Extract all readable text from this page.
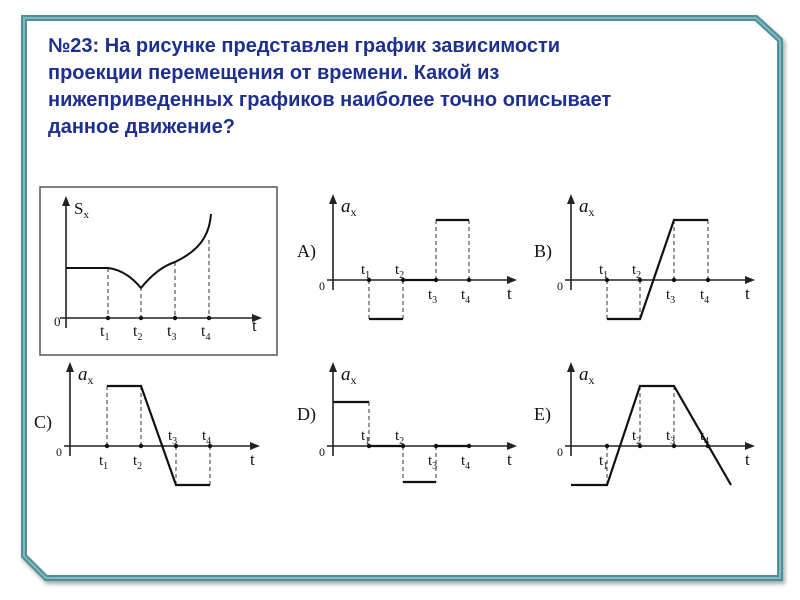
№23: На рисунке представлен график зависимости
проекции перемещения от времени. Какой из
нижеприведенных графиков наиболее точно описывает
данное движение?
$S_x$
t
0
$t_1$ $t_2$ $t_3$ $t_4$
A)
$a_x$
t
0
$t_1$ $t_2$
$t_3$ $t_4$
B)
$a_x$
t
0
$t_1$ $t_2$
$t_3$ $t_4$
C)
$a_x$
t
0
$t_1$ $t_2$
$t_3$ $t_4$
D)
$a_x$
t
0
$t_1$ $t_2$
$t_3$ $t_4$
E)
$a_x$
t
0
$t_1$
$t_2$ $t_3$ $t_4$
